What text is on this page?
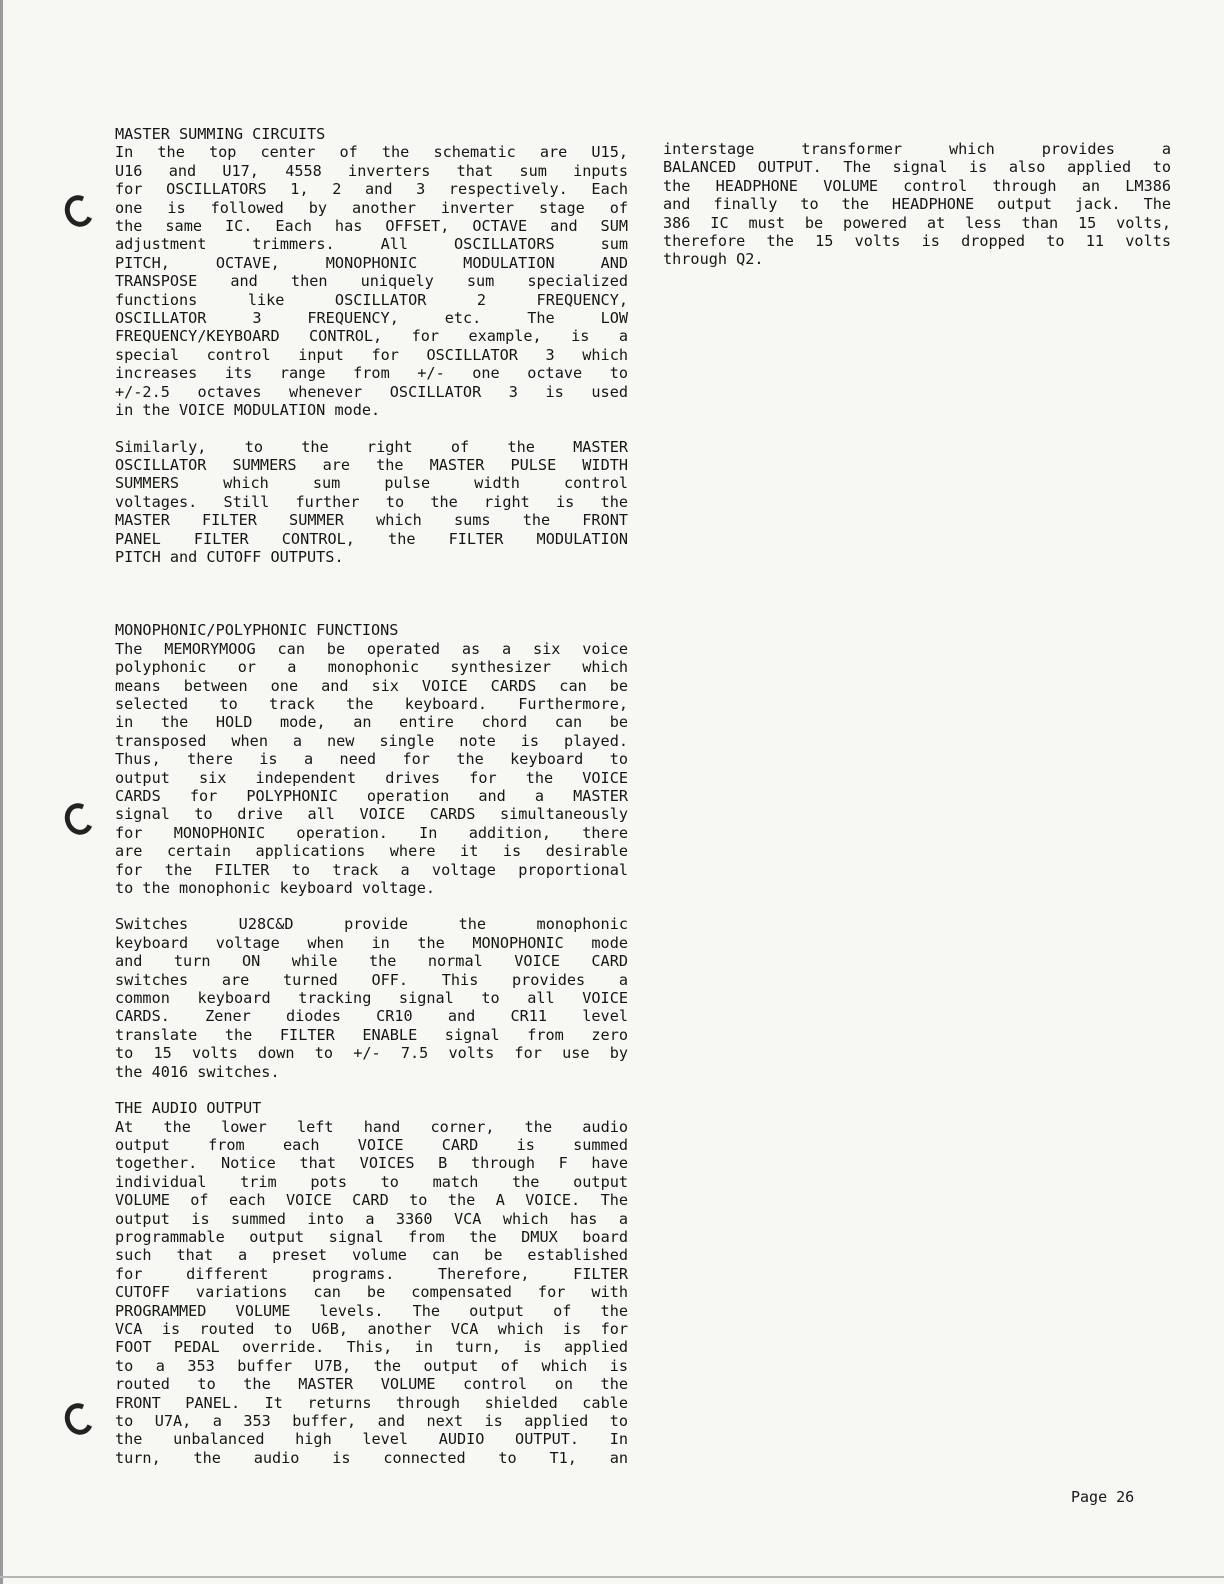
MASTER SUMMING CIRCUITS
In the top center of the schematic are U15,
U16 and U17, 4558 inverters that sum inputs
for OSCILLATORS 1, 2 and 3 respectively. Each
one is followed by another inverter stage of
the same IC. Each has OFFSET, OCTAVE and SUM
adjustment trimmers. All OSCILLATORS sum
PITCH, OCTAVE, MONOPHONIC MODULATION AND
TRANSPOSE and then uniquely sum specialized
functions like OSCILLATOR 2 FREQUENCY,
OSCILLATOR 3 FREQUENCY, etc. The LOW
FREQUENCY/KEYBOARD CONTROL, for example, is a
special control input for OSCILLATOR 3 which
increases its range from +/- one octave to
+/-2.5 octaves whenever OSCILLATOR 3 is used
in the VOICE MODULATION mode.
Similarly, to the right of the MASTER
OSCILLATOR SUMMERS are the MASTER PULSE WIDTH
SUMMERS which sum pulse width control
voltages. Still further to the right is the
MASTER FILTER SUMMER which sums the FRONT
PANEL FILTER CONTROL, the FILTER MODULATION
PITCH and CUTOFF OUTPUTS.
MONOPHONIC/POLYPHONIC FUNCTIONS
The MEMORYMOOG can be operated as a six voice
polyphonic or a monophonic synthesizer which
means between one and six VOICE CARDS can be
selected to track the keyboard. Furthermore,
in the HOLD mode, an entire chord can be
transposed when a new single note is played.
Thus, there is a need for the keyboard to
output six independent drives for the VOICE
CARDS for POLYPHONIC operation and a MASTER
signal to drive all VOICE CARDS simultaneously
for MONOPHONIC operation. In addition, there
are certain applications where it is desirable
for the FILTER to track a voltage proportional
to the monophonic keyboard voltage.
Switches U28C&D provide the monophonic
keyboard voltage when in the MONOPHONIC mode
and turn ON while the normal VOICE CARD
switches are turned OFF. This provides a
common keyboard tracking signal to all VOICE
CARDS. Zener diodes CR10 and CR11 level
translate the FILTER ENABLE signal from zero
to 15 volts down to +/- 7.5 volts for use by
the 4016 switches.
THE AUDIO OUTPUT
At the lower left hand corner, the audio
output from each VOICE CARD is summed
together. Notice that VOICES B through F have
individual trim pots to match the output
VOLUME of each VOICE CARD to the A VOICE. The
output is summed into a 3360 VCA which has a
programmable output signal from the DMUX board
such that a preset volume can be established
for different programs. Therefore, FILTER
CUTOFF variations can be compensated for with
PROGRAMMED VOLUME levels. The output of the
VCA is routed to U6B, another VCA which is for
FOOT PEDAL override. This, in turn, is applied
to a 353 buffer U7B, the output of which is
routed to the MASTER VOLUME control on the
FRONT PANEL. It returns through shielded cable
to U7A, a 353 buffer, and next is applied to
the unbalanced high level AUDIO OUTPUT. In
turn, the audio is connected to T1, an
interstage transformer which provides a
BALANCED OUTPUT. The signal is also applied to
the HEADPHONE VOLUME control through an LM386
and finally to the HEADPHONE output jack. The
386 IC must be powered at less than 15 volts,
therefore the 15 volts is dropped to 11 volts
through Q2.
Page 26
